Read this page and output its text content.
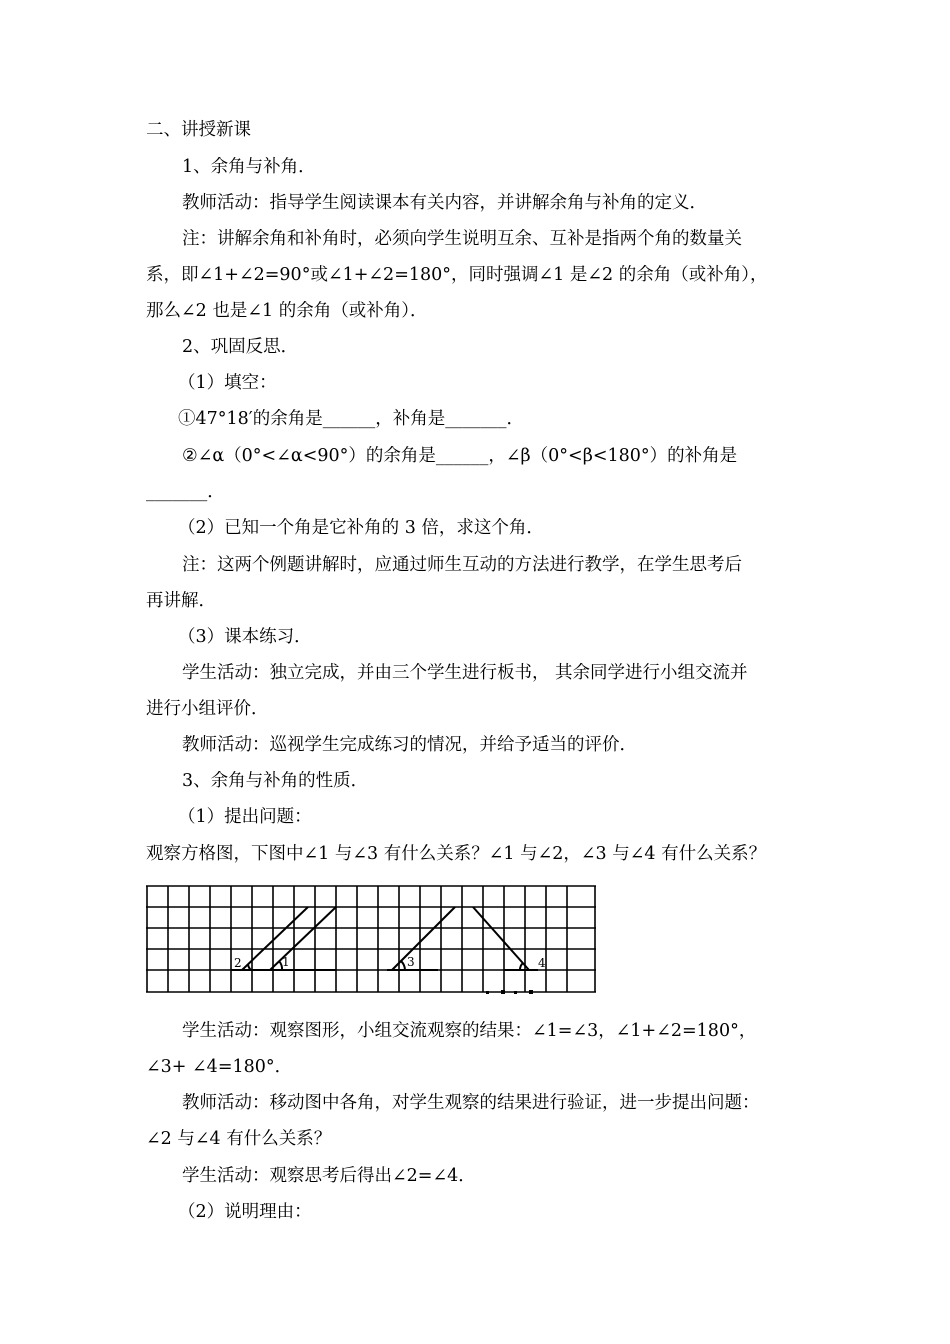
二、讲授新课
1、余角与补角．
教师活动：指导学生阅读课本有关内容，并讲解余角与补角的定义．
注：讲解余角和补角时，必须向学生说明互余、互补是指两个角的数量关
系，即∠1+∠2=90°或∠1+∠2=180°，同时强调∠1 是∠2 的余角（或补角），
那么∠2 也是∠1 的余角（或补角）．
2、巩固反思．
（1）填空：
①47°18′的余角是______，补角是_______．
②∠α（0°<∠α<90°）的余角是______，∠β（0°<β<180°）的补角是
_______．
（2）已知一个角是它补角的 3 倍，求这个角．
注：这两个例题讲解时，应通过师生互动的方法进行教学，在学生思考后
再讲解．
（3）课本练习．
学生活动：独立完成，并由三个学生进行板书， 其余同学进行小组交流并
进行小组评价．
教师活动：巡视学生完成练习的情况，并给予适当的评价．
3、余角与补角的性质．
（1）提出问题：
观察方格图，下图中∠1 与∠3 有什么关系？∠1 与∠2，∠3 与∠4 有什么关系？
2	1	3	4
学生活动：观察图形，小组交流观察的结果：∠1=∠3，∠1+∠2=180°，
∠3+ ∠4=180°．
教师活动：移动图中各角，对学生观察的结果进行验证，进一步提出问题：
∠2 与∠4 有什么关系？
学生活动：观察思考后得出∠2=∠4．
（2）说明理由：
